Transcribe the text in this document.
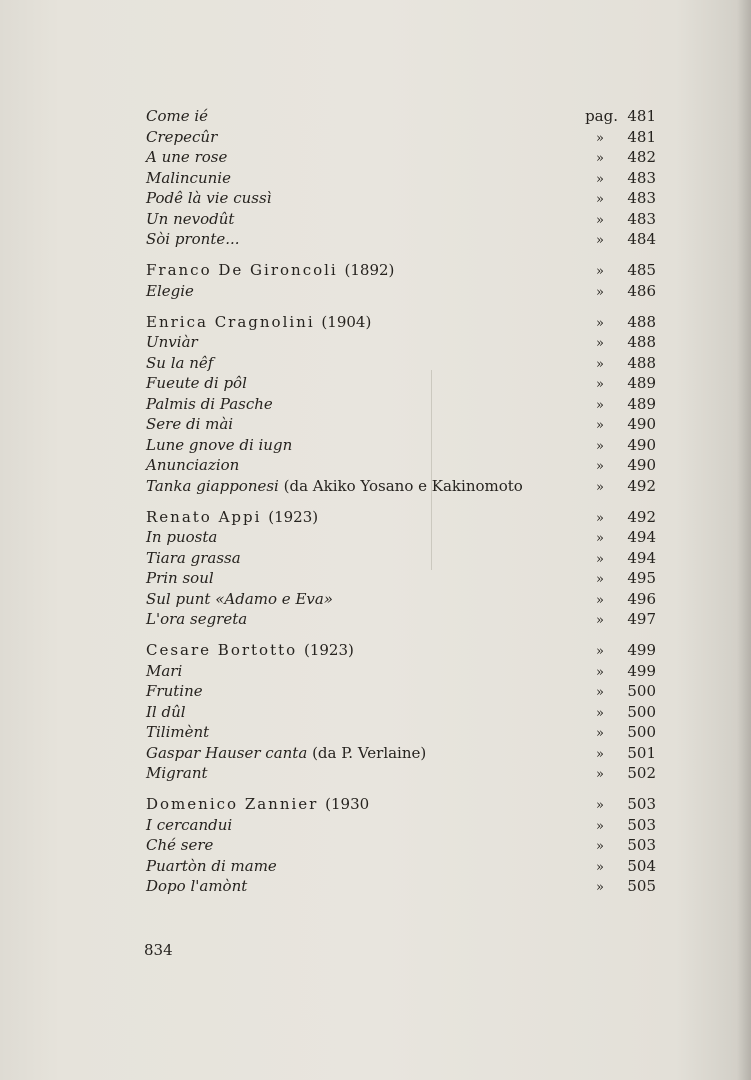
Come ié	pag. 481
Crepecûr	» 481
A une rose	» 482
Malincunie	» 483
Podê là vie cussì	» 483
Un nevodût	» 483
Sòi pronte...	» 484
Franco De Gironcoli (1892)	» 485
Elegie	» 486
Enrica Cragnolini (1904)	» 488
Unviàr	» 488
Su la nêf	» 488
Fueute di pôl	» 489
Palmis di Pasche	» 489
Sere di mài	» 490
Lune gnove di iugn	» 490
Anunciazion	» 490
Tanka giapponesi (da Akiko Yosano e Kakinomoto	» 492
Renato Appi (1923)	» 492
In puosta	» 494
Tiara grassa	» 494
Prin soul	» 495
Sul punt «Adamo e Eva»	» 496
L'ora segreta	» 497
Cesare Bortotto (1923)	» 499
Mari	» 499
Frutine	» 500
Il dûl	» 500
Tilimènt	» 500
Gaspar Hauser canta (da P. Verlaine)	» 501
Migrant	» 502
Domenico Zannier (1930	» 503
I cercandui	» 503
Ché sere	» 503
Puartòn di mame	» 504
Dopo l'amònt	» 505
834
